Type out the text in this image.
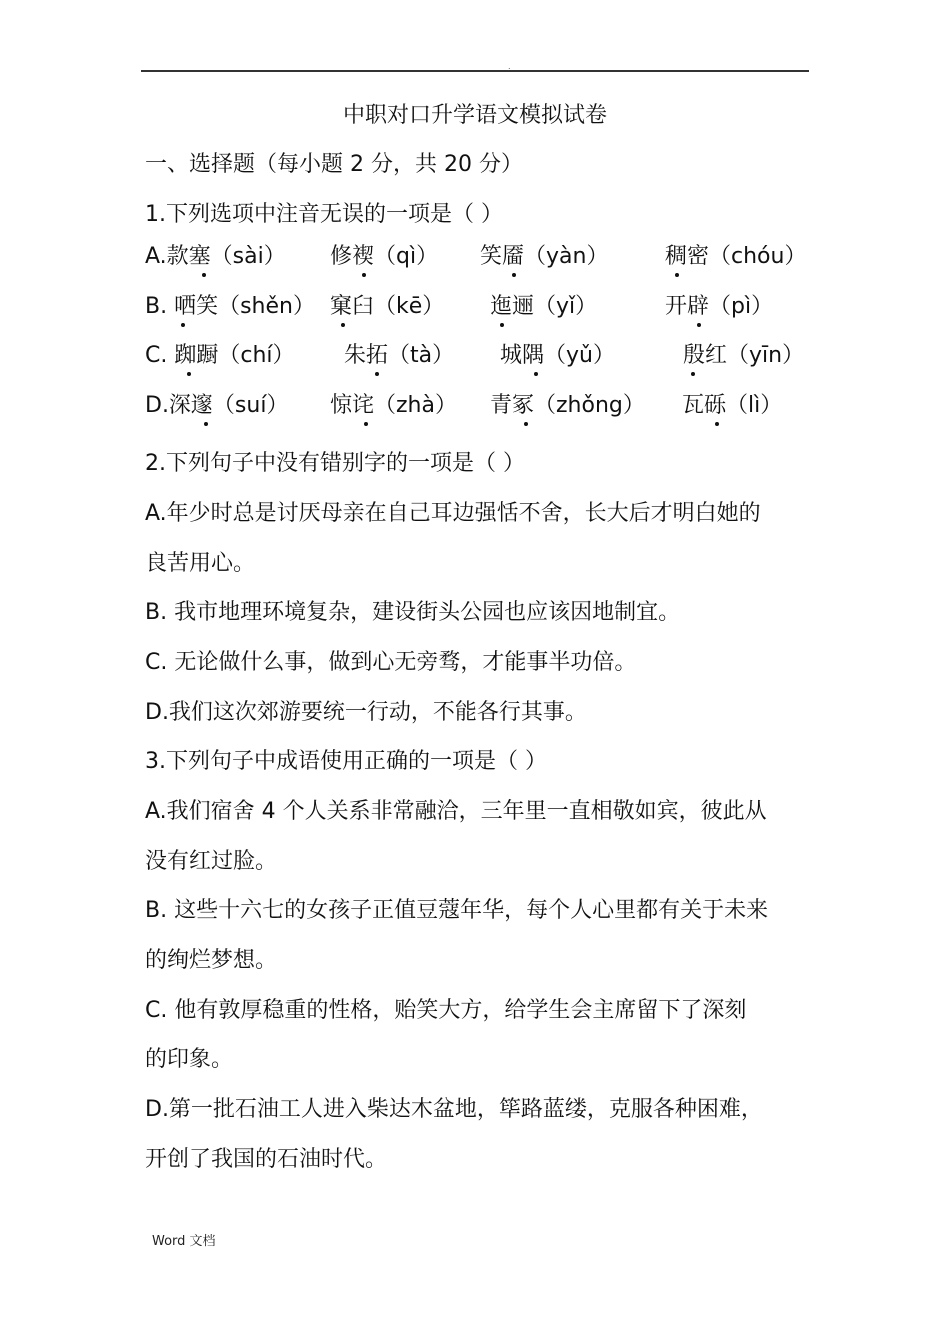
.
中职对口升学语文模拟试卷
一、选择题（每小题 2 分，共 20 分）
1.下列选项中注音无误的一项是（ ）
A.款塞（sài） 修褉（qì） 笑靥（yàn）	稠密（chóu）
B. 哂笑（shěn） 窠臼（kē） 迤逦（yǐ）	开辟（pì）
C. 踟蹰（chí） 朱拓（tà） 城隅（yǔ）	殷红（yīn）
D.深邃（suí） 惊诧（zhà） 青冢（zhǒng） 瓦砾（lì）
2.下列句子中没有错别字的一项是（ ）
A.年少时总是讨厌母亲在自己耳边强恬不舍，长大后才明白她的
良苦用心。
B. 我市地理环境复杂，建设街头公园也应该因地制宜。
C. 无论做什么事，做到心无旁骛，才能事半功倍。
D.我们这次郊游要统一行动，不能各行其事。
3.下列句子中成语使用正确的一项是（ ）
A.我们宿舍 4 个人关系非常融洽，三年里一直相敬如宾，彼此从
没有红过脸。
B. 这些十六七的女孩子正值豆蔻年华，每个人心里都有关于未来
的绚烂梦想。
C. 他有敦厚稳重的性格，贻笑大方，给学生会主席留下了深刻
的印象。
D.第一批石油工人进入柴达木盆地，筚路蓝缕，克服各种困难，
开创了我国的石油时代。
Word 文档
